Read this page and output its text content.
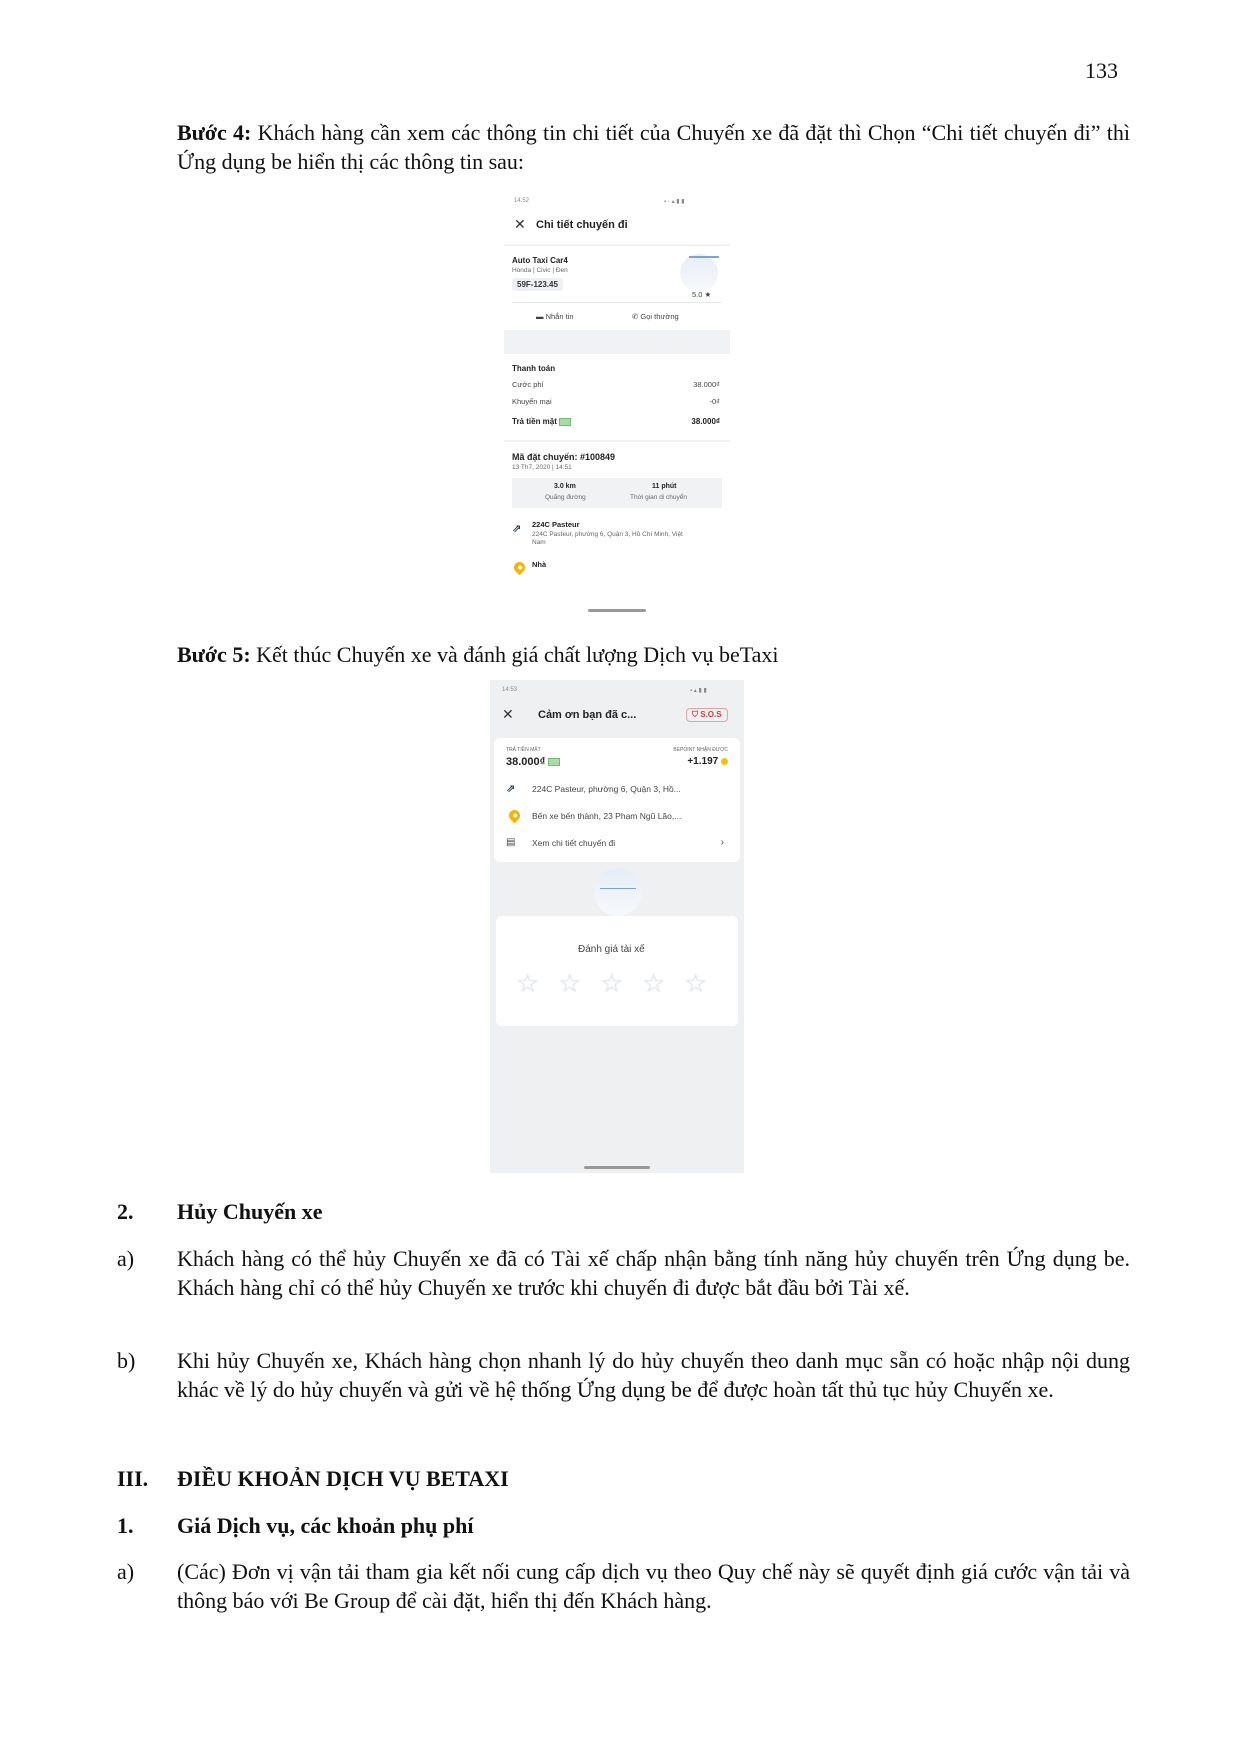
133
Bước 4: Khách hàng cần xem các thông tin chi tiết của Chuyến xe đã đặt thì Chọn “Chi tiết chuyến đi” thì Ứng dụng be hiển thị các thông tin sau:
14:52	▪ ◦ ▴ ▮ ▮
✕ Chi tiết chuyến đi
Auto Taxi Car4
Honda | Civic | Đen
59F-123.45
5.0 ★
▬ Nhắn tin	✆ Gọi thường
Thanh toán
Cước phí	38.000₫
Khuyến mại	-0₫
Trả tiền mặt	38.000₫
Mã đặt chuyến: #100849
13 Th7, 2020 | 14:51
3.0 km
Quãng đường
11 phút
Thời gian di chuyển
⇗ 224C Pasteur
224C Pasteur, phường 6, Quận 3, Hồ Chí Minh, Việt Nam
Nhà
Bước 5: Kết thúc Chuyến xe và đánh giá chất lượng Dịch vụ beTaxi
14:53	▪ ▴ ▮ ▮
✕ Cảm ơn bạn đã c...	⛉ S.O.S
TRẢ TIỀN MẶT
38.000₫
BEPOINT NHẬN ĐƯỢC
+1.197
⇗ 224C Pasteur, phường 6, Quận 3, Hồ...
Bến xe bến thành, 23 Phạm Ngũ Lão,...
▤ Xem chi tiết chuyến đi	›
Đánh giá tài xế
☆ ☆ ☆ ☆ ☆
2. Hủy Chuyến xe
a) Khách hàng có thể hủy Chuyến xe đã có Tài xế chấp nhận bằng tính năng hủy chuyến trên Ứng dụng be. Khách hàng chỉ có thể hủy Chuyến xe trước khi chuyến đi được bắt đầu bởi Tài xế.
b) Khi hủy Chuyến xe, Khách hàng chọn nhanh lý do hủy chuyến theo danh mục sẵn có hoặc nhập nội dung khác về lý do hủy chuyến và gửi về hệ thống Ứng dụng be để được hoàn tất thủ tục hủy Chuyến xe.
III. ĐIỀU KHOẢN DỊCH VỤ BETAXI
1. Giá Dịch vụ, các khoản phụ phí
a) (Các) Đơn vị vận tải tham gia kết nối cung cấp dịch vụ theo Quy chế này sẽ quyết định giá cước vận tải và thông báo với Be Group để cài đặt, hiển thị đến Khách hàng.
